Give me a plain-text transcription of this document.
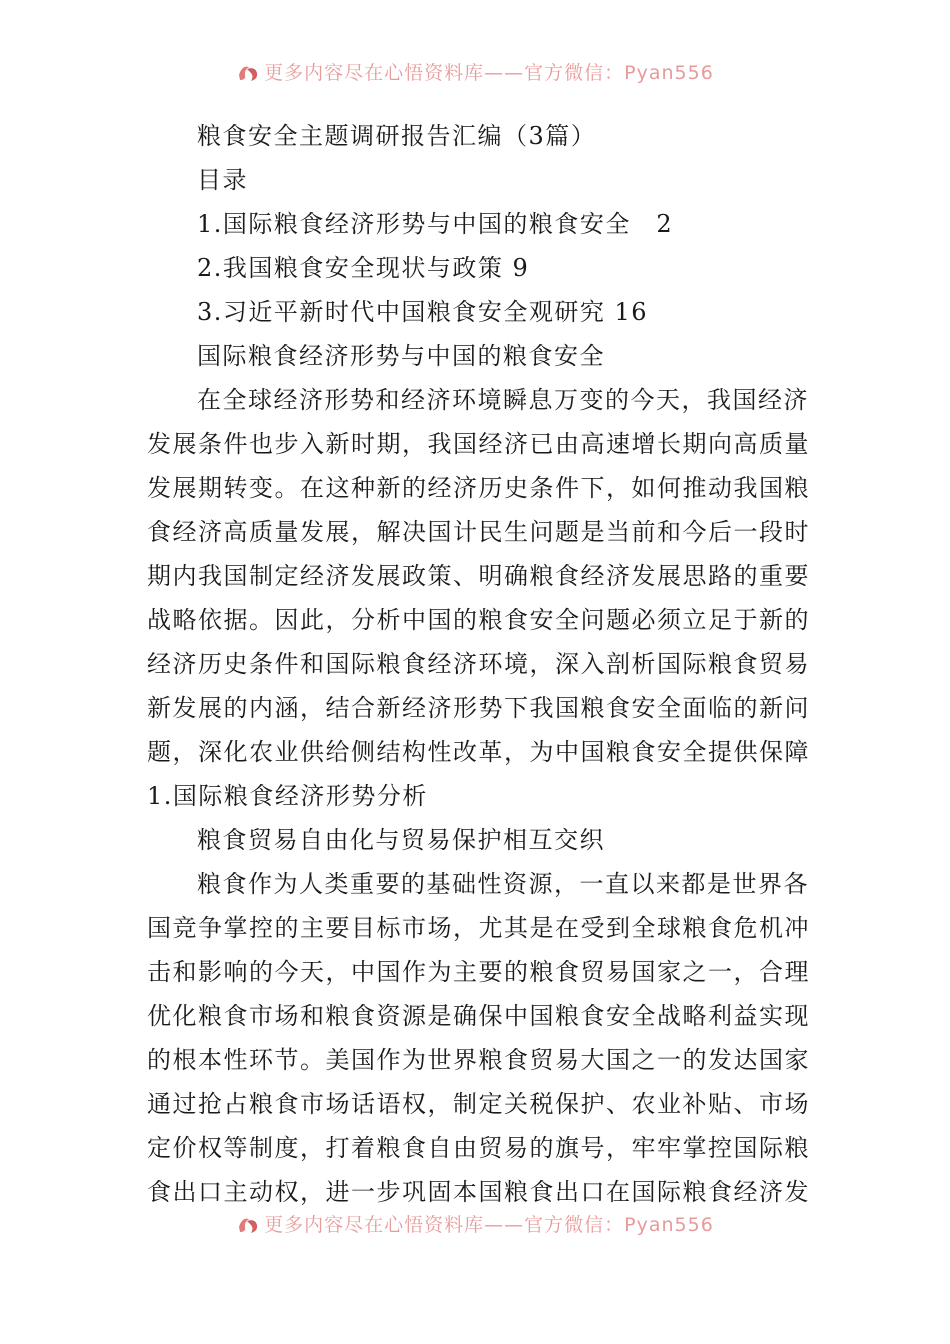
更多内容尽在心悟资料库——官方微信：Pyan556
粮食安全主题调研报告汇编（3篇）
目录
1.国际粮食经济形势与中国的粮食安全　2
2.我国粮食安全现状与政策 9
3.习近平新时代中国粮食安全观研究 16
国际粮食经济形势与中国的粮食安全
在全球经济形势和经济环境瞬息万变的今天，我国经济
发展条件也步入新时期，我国经济已由高速增长期向高质量
发展期转变。在这种新的经济历史条件下，如何推动我国粮
食经济高质量发展，解决国计民生问题是当前和今后一段时
期内我国制定经济发展政策、明确粮食经济发展思路的重要
战略依据。因此，分析中国的粮食安全问题必须立足于新的
经济历史条件和国际粮食经济环境，深入剖析国际粮食贸易
新发展的内涵，结合新经济形势下我国粮食安全面临的新问
题，深化农业供给侧结构性改革，为中国粮食安全提供保障
1.国际粮食经济形势分析
粮食贸易自由化与贸易保护相互交织
粮食作为人类重要的基础性资源，一直以来都是世界各
国竞争掌控的主要目标市场，尤其是在受到全球粮食危机冲
击和影响的今天，中国作为主要的粮食贸易国家之一，合理
优化粮食市场和粮食资源是确保中国粮食安全战略利益实现
的根本性环节。美国作为世界粮食贸易大国之一的发达国家
通过抢占粮食市场话语权，制定关税保护、农业补贴、市场
定价权等制度，打着粮食自由贸易的旗号，牢牢掌控国际粮
食出口主动权，进一步巩固本国粮食出口在国际粮食经济发
更多内容尽在心悟资料库——官方微信：Pyan556
